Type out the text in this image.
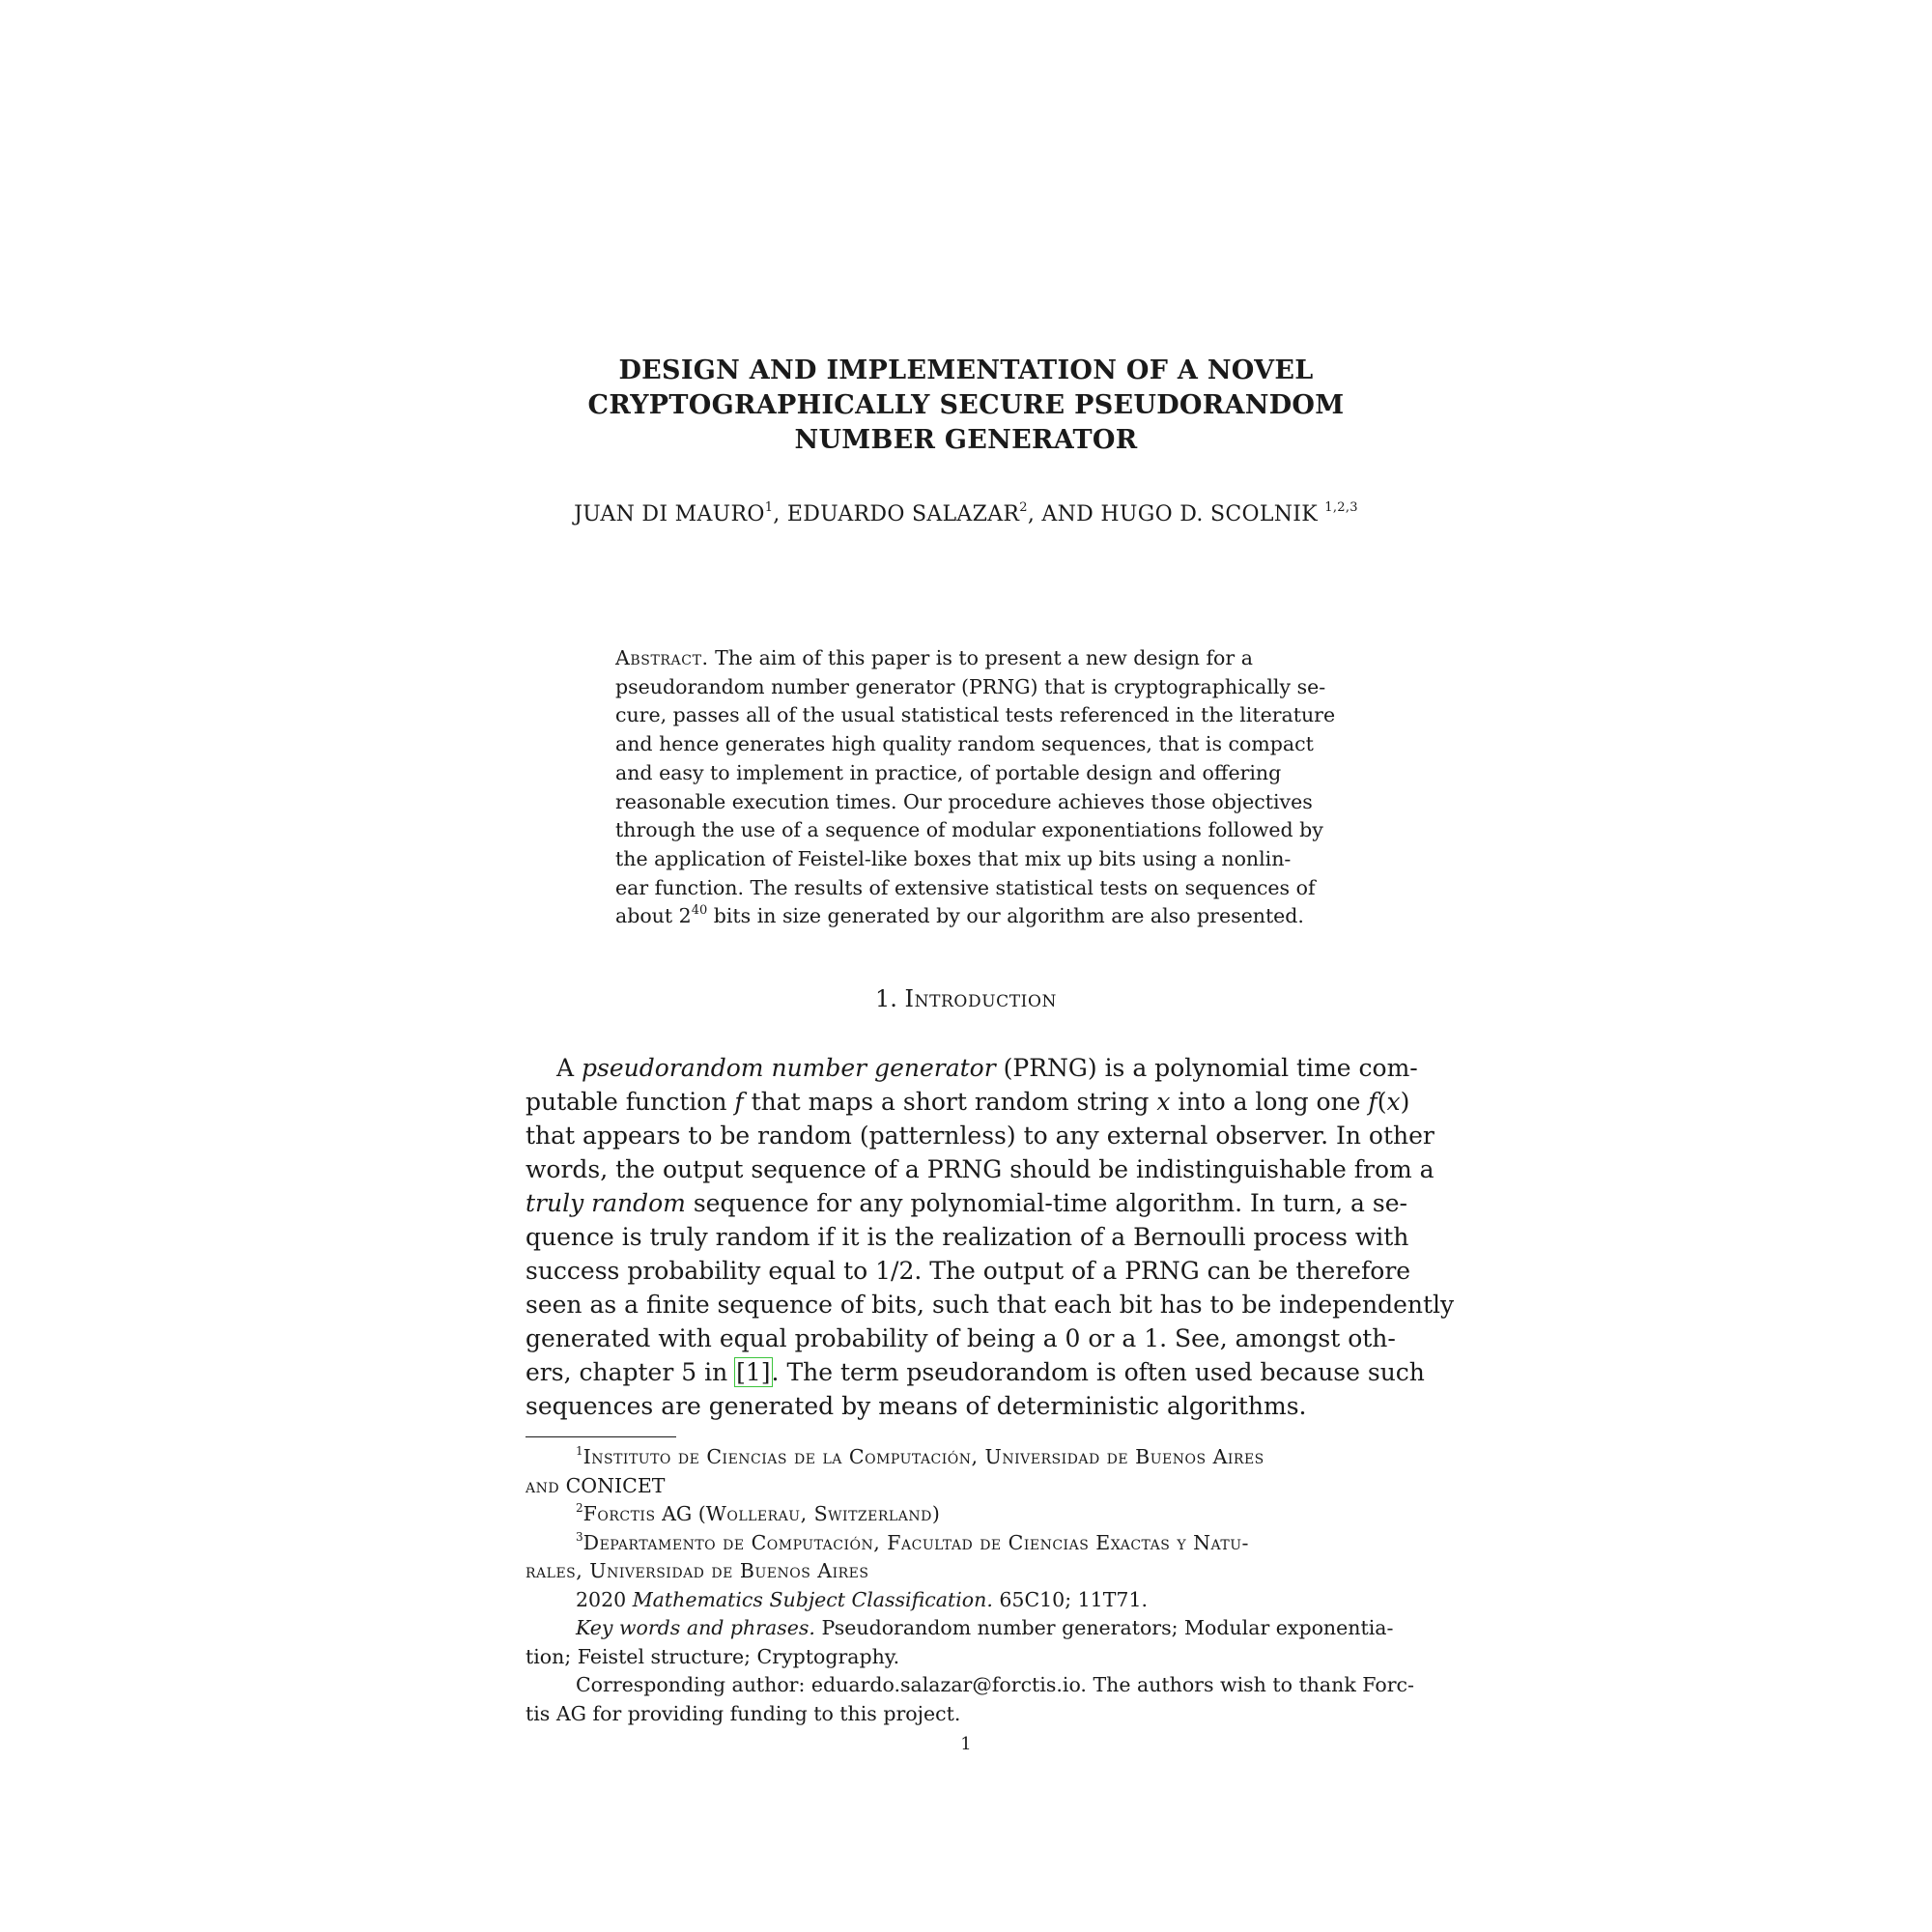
DESIGN AND IMPLEMENTATION OF A NOVEL
CRYPTOGRAPHICALLY SECURE PSEUDORANDOM
NUMBER GENERATOR
JUAN DI MAURO$^1$, EDUARDO SALAZAR$^2$, AND HUGO D. SCOLNIK $^{1,2,3}$
Abstract. The aim of this paper is to present a new design for a
pseudorandom number generator (PRNG) that is cryptographically se-
cure, passes all of the usual statistical tests referenced in the literature
and hence generates high quality random sequences, that is compact
and easy to implement in practice, of portable design and offering
reasonable execution times. Our procedure achieves those objectives
through the use of a sequence of modular exponentiations followed by
the application of Feistel-like boxes that mix up bits using a nonlin-
ear function. The results of extensive statistical tests on sequences of
about $2^{40}$ bits in size generated by our algorithm are also presented.
1. Introduction
A pseudorandom number generator (PRNG) is a polynomial time com-
putable function f that maps a short random string x into a long one f(x)
that appears to be random (patternless) to any external observer. In other
words, the output sequence of a PRNG should be indistinguishable from a
truly random sequence for any polynomial-time algorithm. In turn, a se-
quence is truly random if it is the realization of a Bernoulli process with
success probability equal to 1/2. The output of a PRNG can be therefore
seen as a finite sequence of bits, such that each bit has to be independently
generated with equal probability of being a 0 or a 1. See, amongst oth-
ers, chapter 5 in [1]. The term pseudorandom is often used because such
sequences are generated by means of deterministic algorithms.
$^1$Instituto de Ciencias de la Computación, Universidad de Buenos Aires
and CONICET
$^2$Forctis AG (Wollerau, Switzerland)
$^3$Departamento de Computación, Facultad de Ciencias Exactas y Natu-
rales, Universidad de Buenos Aires
2020 Mathematics Subject Classification. 65C10; 11T71.
Key words and phrases. Pseudorandom number generators; Modular exponentia-
tion; Feistel structure; Cryptography.
Corresponding author: eduardo.salazar@forctis.io. The authors wish to thank Forc-
tis AG for providing funding to this project.
1
